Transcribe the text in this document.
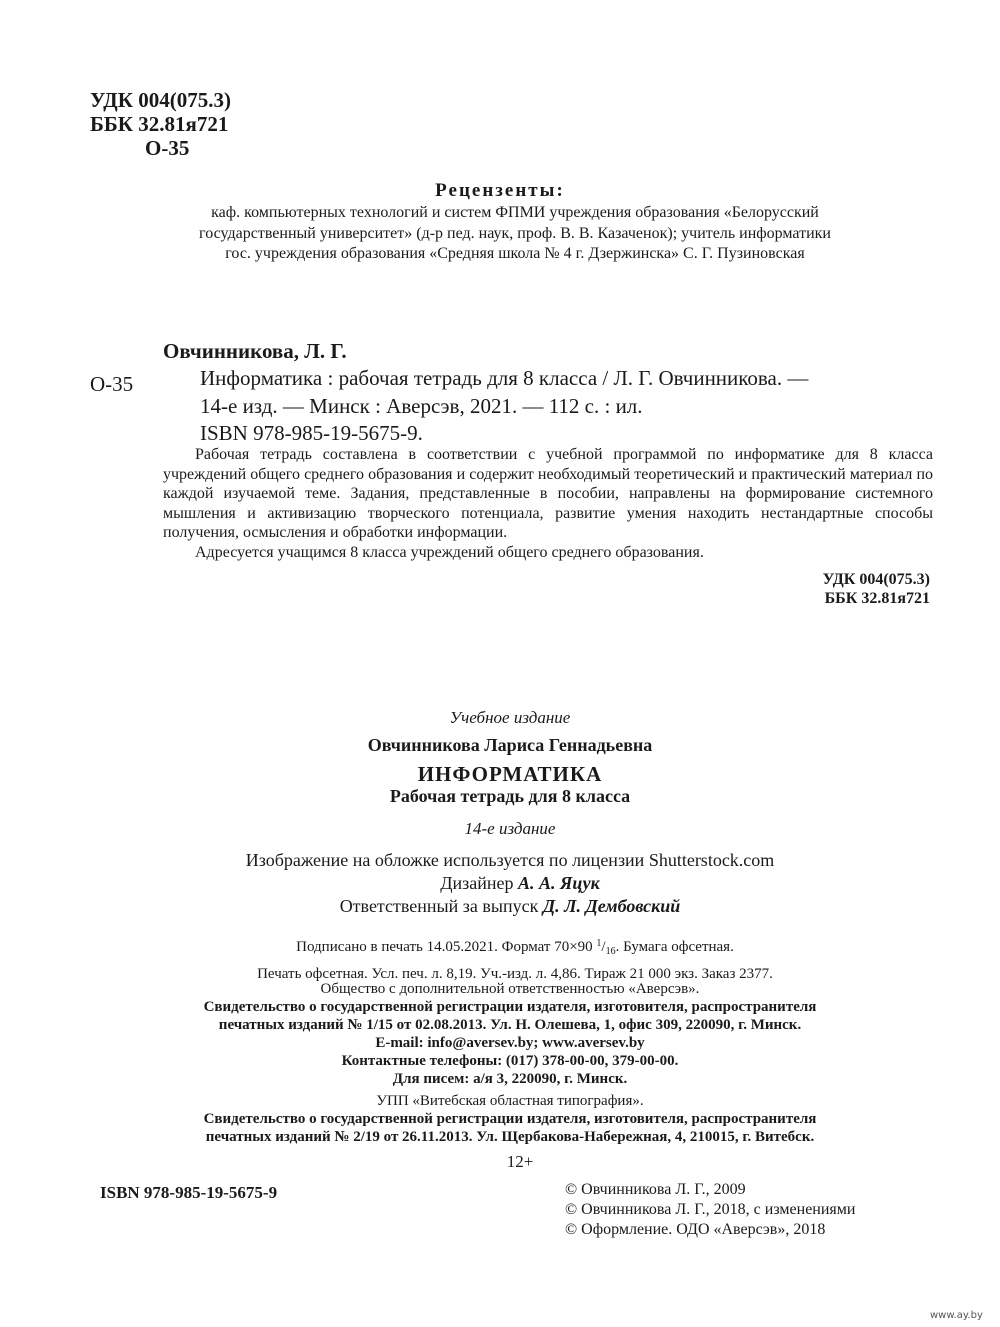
УДК 004(075.3)
ББК 32.81я721
О-35
Рецензенты:
каф. компьютерных технологий и систем ФПМИ учреждения образования «Белорусский
государственный университет» (д-р пед. наук, проф. В. В. Казаченок); учитель информатики
гос. учреждения образования «Средняя школа № 4 г. Дзержинска» С. Г. Пузиновская
Овчинникова, Л. Г.
О-35	Информатика : рабочая тетрадь для 8 класса / Л. Г. Овчинникова. —
14-е изд. — Минск : Аверсэв, 2021. — 112 с. : ил.
ISBN 978-985-19-5675-9.

Рабочая тетрадь составлена в соответствии с учебной программой по информатике для 8 класса учреждений общего среднего образования и содержит необходимый теоретический и практический материал по каждой изучаемой теме. Задания, представленные в пособии, направлены на формирование системного мышления и активизацию творческого потенциала, развитие умения находить нестандартные способы получения, осмысления и обработки информации.

Адресуется учащимся 8 класса учреждений общего среднего образования.

УДК 004(075.3)
ББК 32.81я721
Учебное издание
Овчинникова Лариса Геннадьевна
ИНФОРМАТИКА
Рабочая тетрадь для 8 класса
14-е издание
Изображение на обложке используется по лицензии Shutterstock.com
Дизайнер А. А. Яцук
Ответственный за выпуск Д. Л. Дембовский
Подписано в печать 14.05.2021. Формат 70×90 $^1/_{16}$. Бумага офсетная.
Печать офсетная. Усл. печ. л. 8,19. Уч.-изд. л. 4,86. Тираж 21 000 экз. Заказ 2377.
Общество с дополнительной ответственностью «Аверсэв».
Свидетельство о государственной регистрации издателя, изготовителя, распространителя
печатных изданий № 1/15 от 02.08.2013. Ул. Н. Олешева, 1, офис 309, 220090, г. Минск.
E-mail: info@aversev.by; www.aversev.by
Контактные телефоны: (017) 378-00-00, 379-00-00.
Для писем: а/я 3, 220090, г. Минск.
УПП «Витебская областная типография».
Свидетельство о государственной регистрации издателя, изготовителя, распространителя
печатных изданий № 2/19 от 26.11.2013. Ул. Щербакова-Набережная, 4, 210015, г. Витебск.
12+
ISBN 978-985-19-5675-9	© Овчинникова Л. Г., 2009
© Овчинникова Л. Г., 2018, с изменениями
© Оформление. ОДО «Аверсэв», 2018
www.ay.by
